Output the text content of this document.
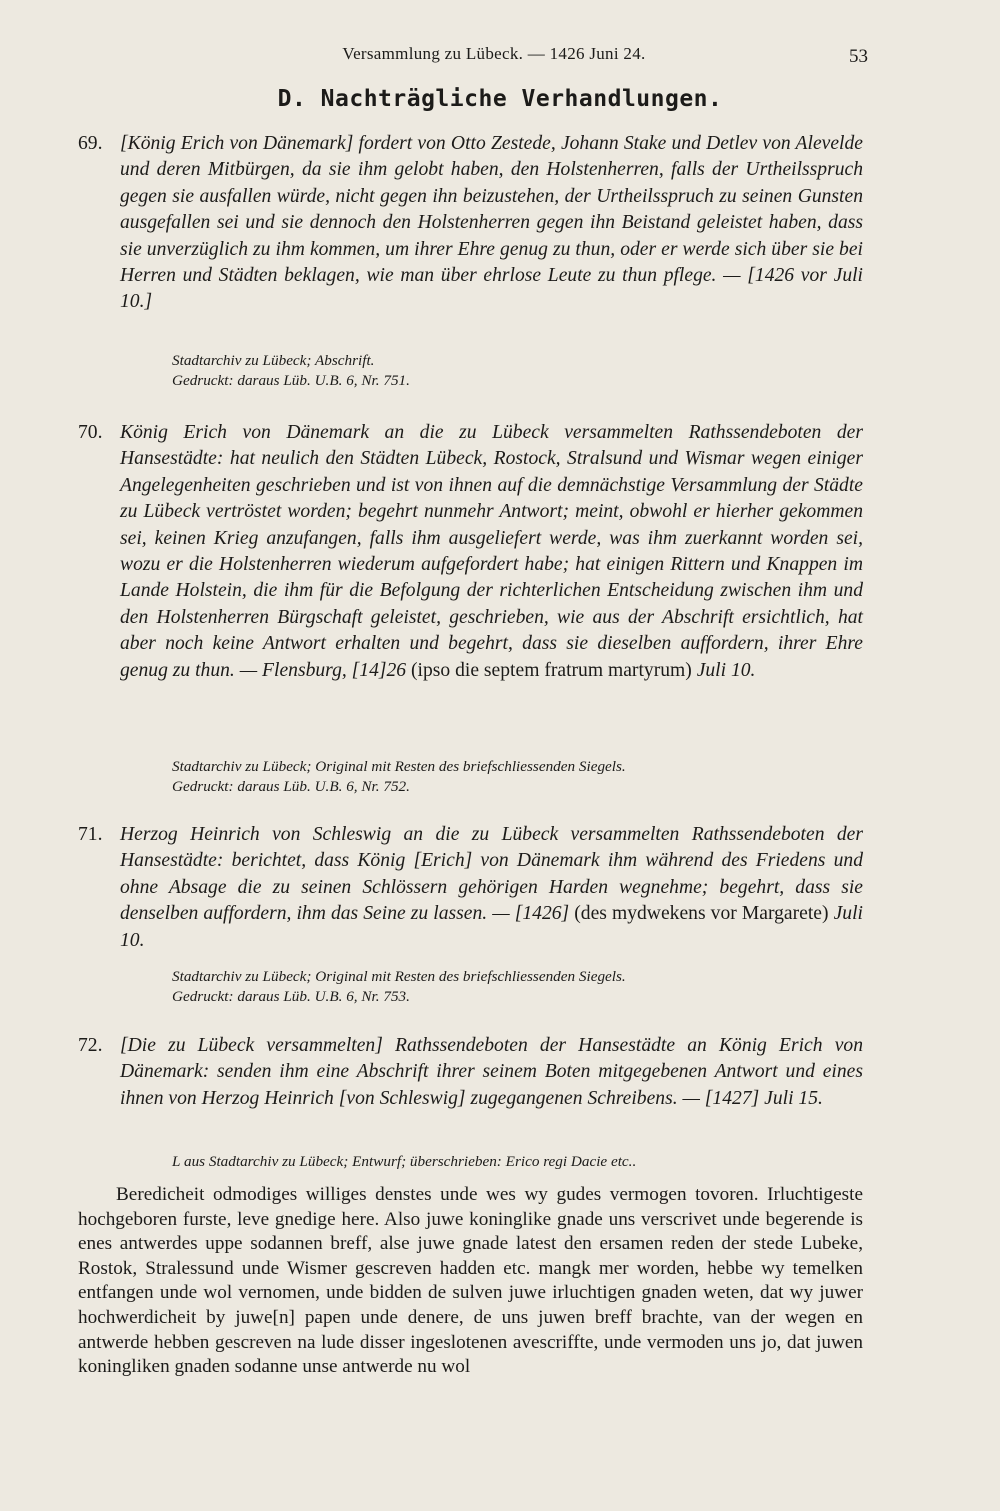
Versammlung zu Lübeck. — 1426 Juni 24.	53
D. Nachträgliche Verhandlungen.
69. [König Erich von Dänemark] fordert von Otto Zestede, Johann Stake und Detlev von Alevelde und deren Mitbürgen, da sie ihm gelobt haben, den Holstenherren, falls der Urtheilsspruch gegen sie ausfallen würde, nicht gegen ihn beizustehen, der Urtheilsspruch zu seinen Gunsten ausgefallen sei und sie dennoch den Holstenherren gegen ihn Beistand geleistet haben, dass sie unverzüglich zu ihm kommen, um ihrer Ehre genug zu thun, oder er werde sich über sie bei Herren und Städten beklagen, wie man über ehrlose Leute zu thun pflege. — [1426 vor Juli 10.]
Stadtarchiv zu Lübeck; Abschrift.
Gedruckt: daraus Lüb. U.B. 6, Nr. 751.
70. König Erich von Dänemark an die zu Lübeck versammelten Rathssendeboten der Hansestädte: hat neulich den Städten Lübeck, Rostock, Stralsund und Wismar wegen einiger Angelegenheiten geschrieben und ist von ihnen auf die demnächstige Versammlung der Städte zu Lübeck vertröstet worden; begehrt nunmehr Antwort; meint, obwohl er hierher gekommen sei, keinen Krieg anzufangen, falls ihm ausgeliefert werde, was ihm zuerkannt worden sei, wozu er die Holstenherren wiederum aufgefordert habe; hat einigen Rittern und Knappen im Lande Holstein, die ihm für die Befolgung der richterlichen Entscheidung zwischen ihm und den Holstenherren Bürgschaft geleistet, geschrieben, wie aus der Abschrift ersichtlich, hat aber noch keine Antwort erhalten und begehrt, dass sie dieselben auffordern, ihrer Ehre genug zu thun. — Flensburg, [14]26 (ipso die septem fratrum martyrum) Juli 10.
Stadtarchiv zu Lübeck; Original mit Resten des briefschliessenden Siegels.
Gedruckt: daraus Lüb. U.B. 6, Nr. 752.
71. Herzog Heinrich von Schleswig an die zu Lübeck versammelten Rathssendeboten der Hansestädte: berichtet, dass König [Erich] von Dänemark ihm während des Friedens und ohne Absage die zu seinen Schlössern gehörigen Harden wegnehme; begehrt, dass sie denselben auffordern, ihm das Seine zu lassen. — [1426] (des mydwekens vor Margarete) Juli 10.
Stadtarchiv zu Lübeck; Original mit Resten des briefschliessenden Siegels.
Gedruckt: daraus Lüb. U.B. 6, Nr. 753.
72. [Die zu Lübeck versammelten] Rathssendeboten der Hansestädte an König Erich von Dänemark: senden ihm eine Abschrift ihrer seinem Boten mitgegebenen Antwort und eines ihnen von Herzog Heinrich [von Schleswig] zugegangenen Schreibens. — [1427] Juli 15.
L aus Stadtarchiv zu Lübeck; Entwurf; überschrieben: Erico regi Dacie etc..
Beredicheit odmodiges williges denstes unde wes wy gudes vermogen tovoren. Irluchtigeste hochgeboren furste, leve gnedige here. Also juwe koninglike gnade uns verscrivet unde begerende is enes antwerdes uppe sodannen breff, alse juwe gnade latest den ersamen reden der stede Lubeke, Rostok, Stralessund unde Wismer gescreven hadden etc. mangk mer worden, hebbe wy temelken entfangen unde wol vernomen, unde bidden de sulven juwe irluchtigen gnaden weten, dat wy juwer hochwerdicheit by juwe[n] papen unde denere, de uns juwen breff brachte, van der wegen en antwerde hebben gescreven na lude disser ingeslotenen avescriffte, unde vermoden uns jo, dat juwen koningliken gnaden sodanne unse antwerde nu wol
